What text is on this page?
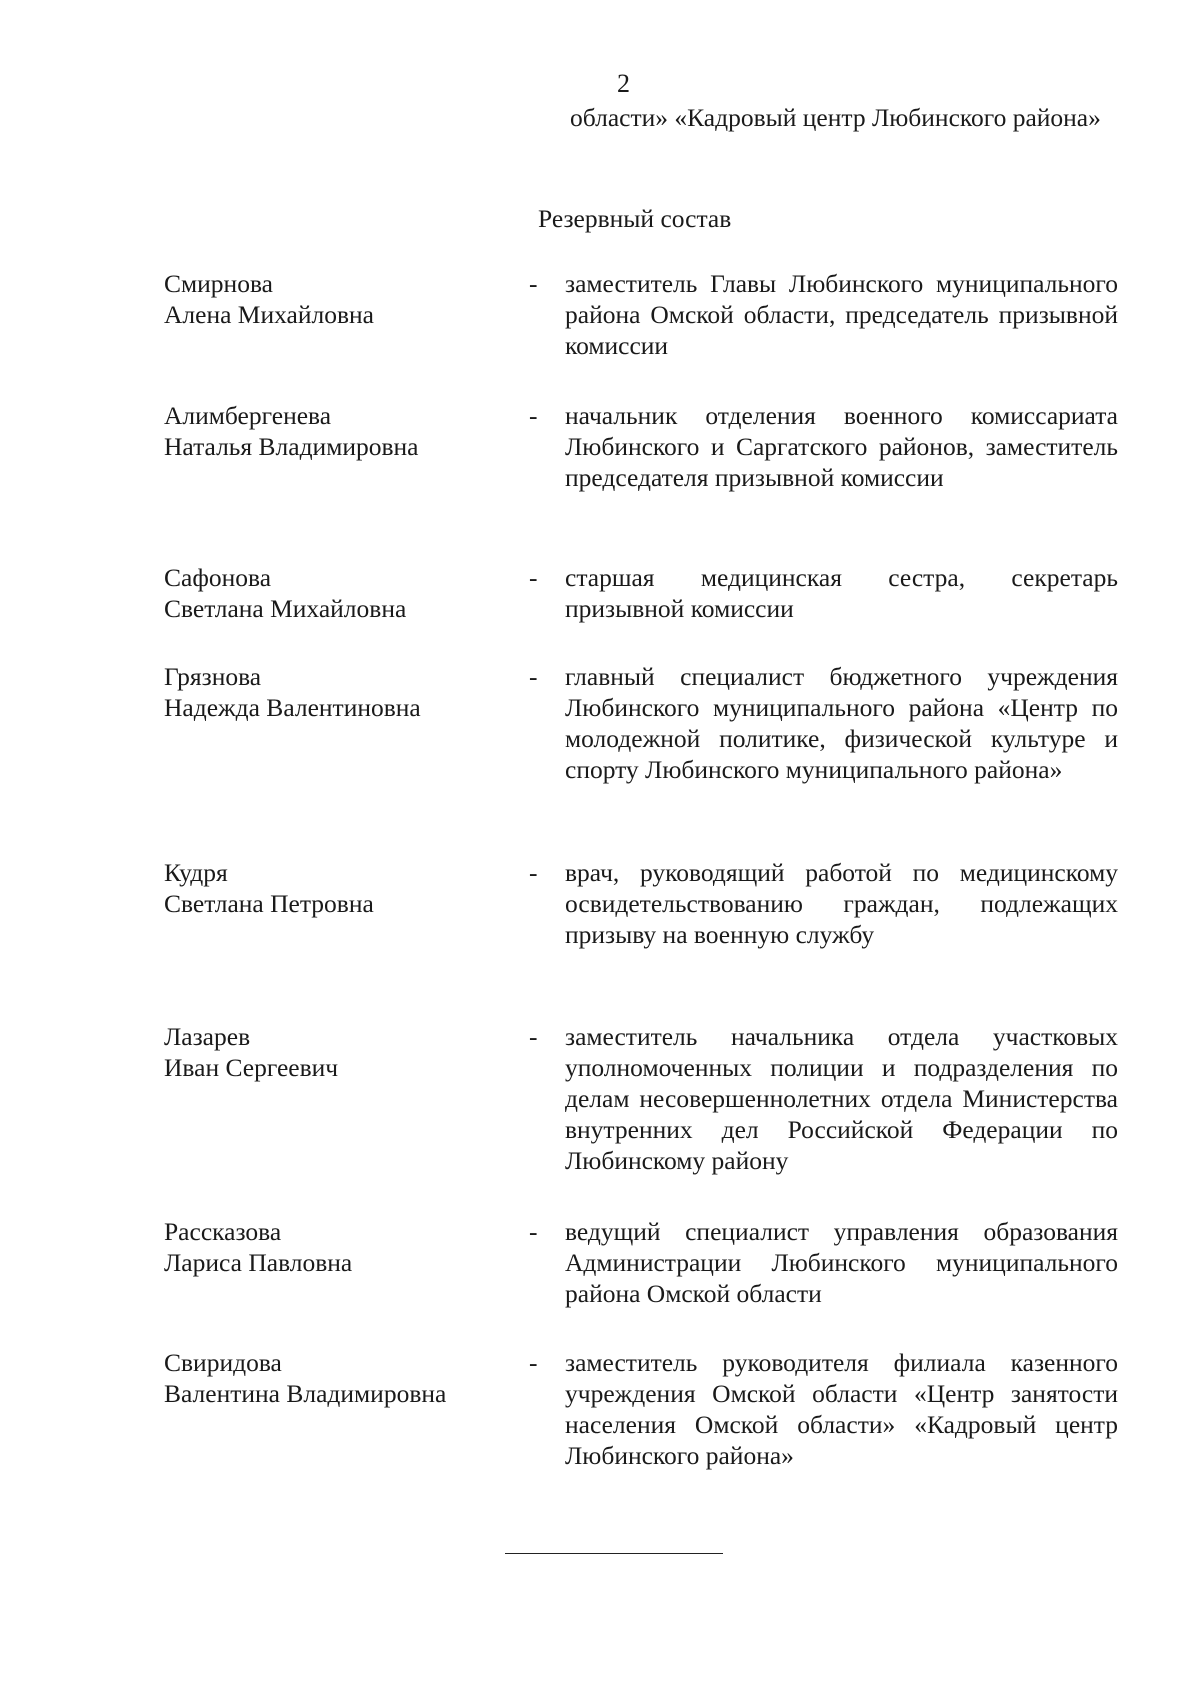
2
области» «Кадровый центр Любинского района»
Резервный состав
Смирнова
Алена Михайловна
- заместитель Главы Любинского муниципального района Омской области, председатель призывной комиссии
Алимбергенева
Наталья Владимировна
- начальник отделения военного комиссариата Любинского и Саргатского районов, заместитель председателя призывной комиссии
Сафонова
Светлана Михайловна
- старшая медицинская сестра, секретарь призывной комиссии
Грязнова
Надежда Валентиновна
- главный специалист бюджетного учреждения Любинского муниципального района «Центр по молодежной политике, физической культуре и спорту Любинского муниципального района»
Кудря
Светлана Петровна
- врач, руководящий работой по медицинскому освидетельствованию граждан, подлежащих призыву на военную службу
Лазарев
Иван Сергеевич
- заместитель начальника отдела участковых уполномоченных полиции и подразделения по делам несовершеннолетних отдела Министерства внутренних дел Российской Федерации по Любинскому району
Рассказова
Лариса Павловна
- ведущий специалист управления образования Администрации Любинского муниципального района Омской области
Свиридова
Валентина Владимировна
- заместитель руководителя филиала казенного учреждения Омской области «Центр занятости населения Омской области» «Кадровый центр Любинского района»
